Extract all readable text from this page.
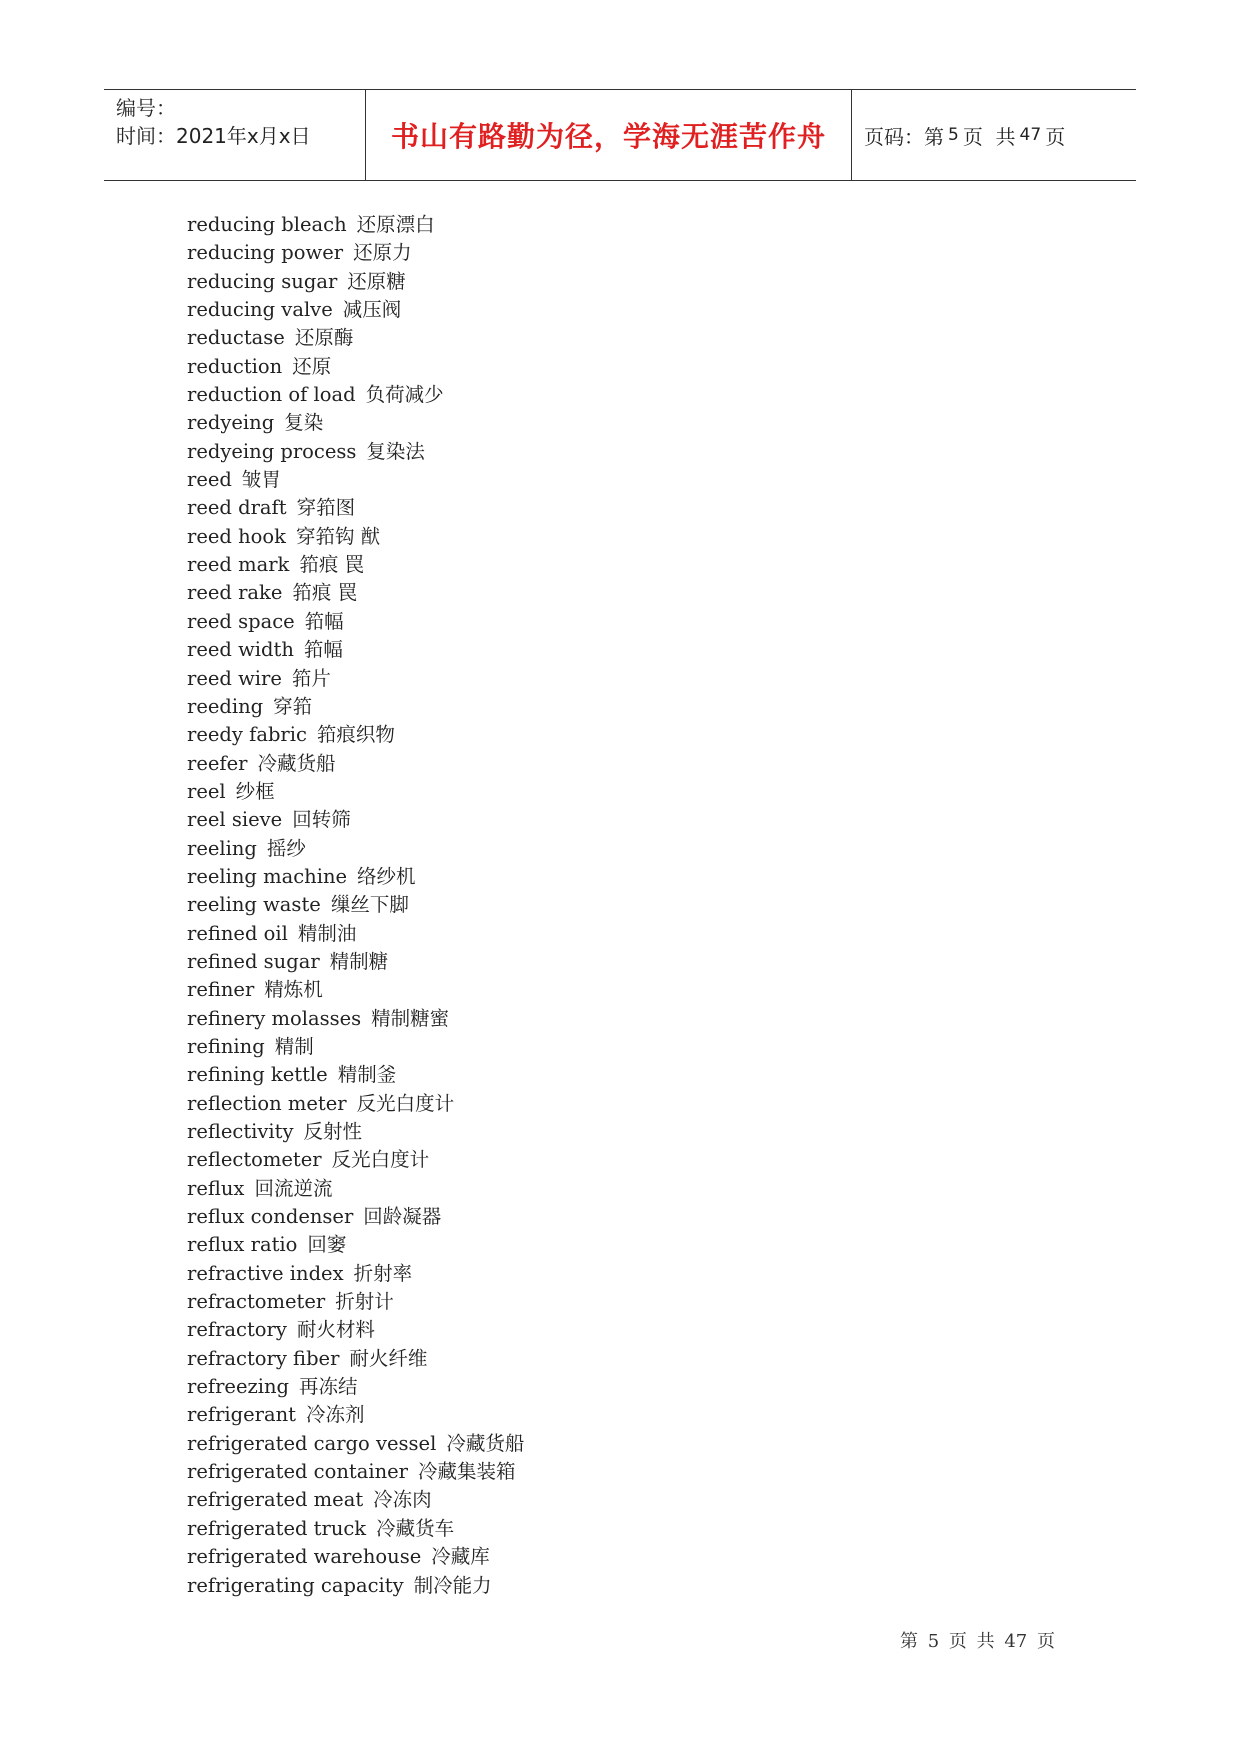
编号：
时间：2021年x月x日	书山有路勤为径，学海无涯苦作舟	页码：第 5 页  共 47 页
reducing bleach 还原漂白
reducing power 还原力
reducing sugar 还原糖
reducing valve 减压阀
reductase 还原酶
reduction 还原
reduction of load 负荷减少
redyeing 复染
redyeing process 复染法
reed 皱胃
reed draft 穿筘图
reed hook 穿筘钩 猷
reed mark 筘痕 罠
reed rake 筘痕 罠
reed space 筘幅
reed width 筘幅
reed wire 筘片
reeding 穿筘
reedy fabric 筘痕织物
reefer 冷藏货船
reel 纱框
reel sieve 回转筛
reeling 摇纱
reeling machine 络纱机
reeling waste 缫丝下脚
refined oil 精制油
refined sugar 精制糖
refiner 精炼机
refinery molasses 精制糖蜜
refining 精制
refining kettle 精制釜
reflection meter 反光白度计
reflectivity 反射性
reflectometer 反光白度计
reflux 回流逆流
reflux condenser 回龄凝器
reflux ratio 回窭
refractive index 折射率
refractometer 折射计
refractory 耐火材料
refractory fiber 耐火纤维
refreezing 再冻结
refrigerant 冷冻剂
refrigerated cargo vessel 冷藏货船
refrigerated container 冷藏集装箱
refrigerated meat 冷冻肉
refrigerated truck 冷藏货车
refrigerated warehouse 冷藏库
refrigerating capacity 制冷能力
第 5 页 共 47 页
